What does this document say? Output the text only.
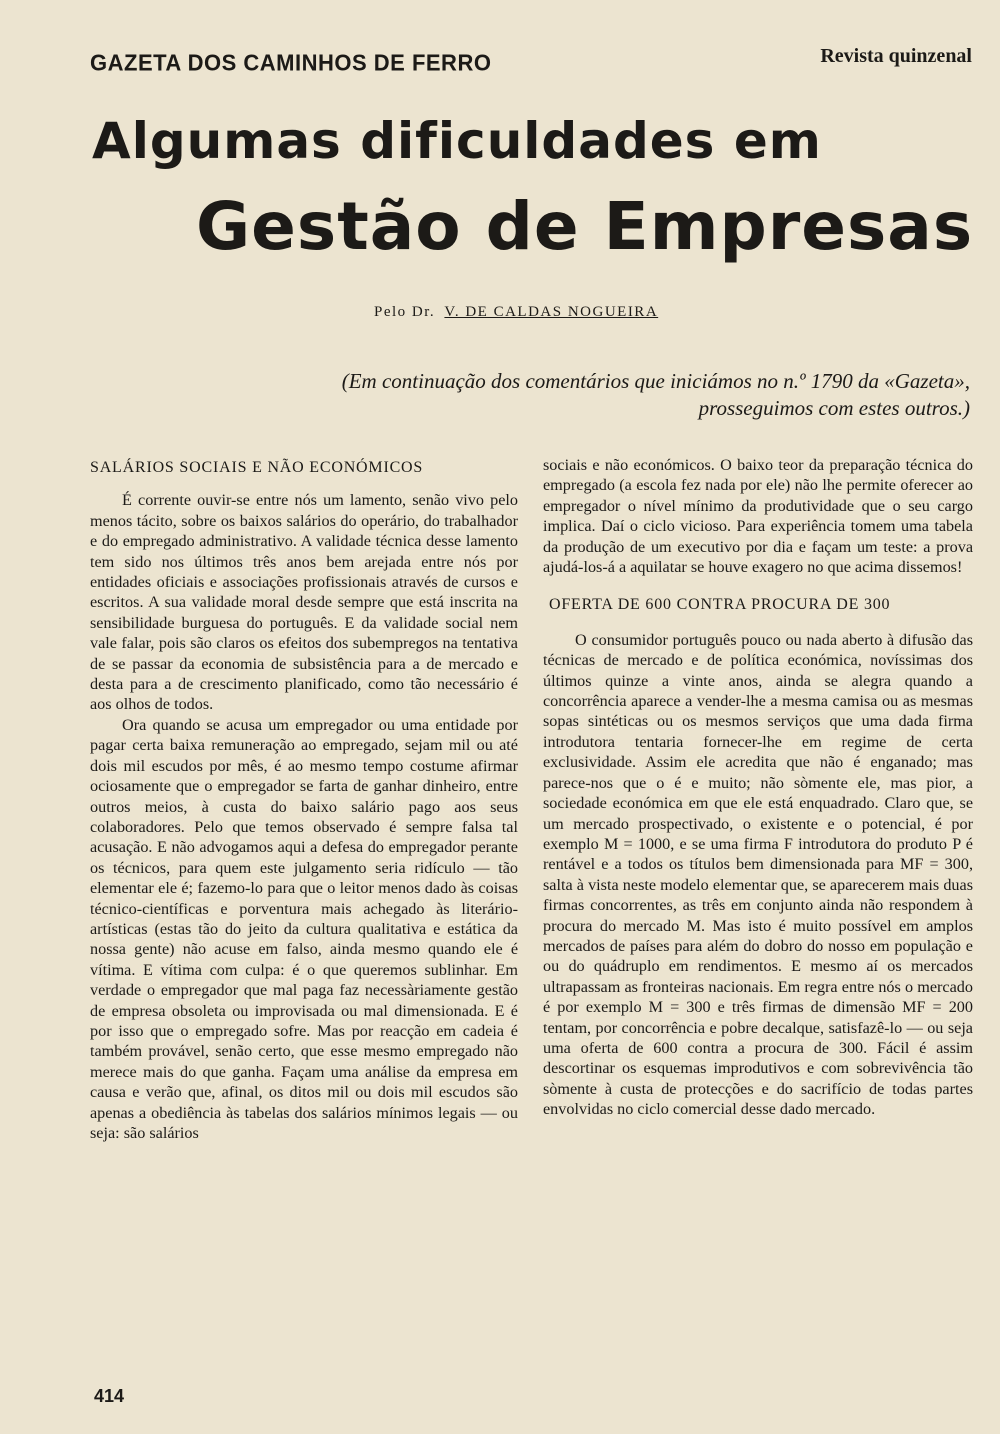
GAZETA DOS CAMINHOS DE FERRO	Revista quinzenal
Algumas dificuldades em
Gestão de Empresas
Pelo Dr. V. DE CALDAS NOGUEIRA
(Em continuação dos comentários que iniciámos no n.º 1790 da «Gazeta», prosseguimos com estes outros.)
SALÁRIOS SOCIAIS E NÃO ECONÓMICOS

É corrente ouvir-se entre nós um lamento, senão vivo pelo menos tácito, sobre os baixos salários do operário, do trabalhador e do empregado administrativo. A validade técnica desse lamento tem sido nos últimos três anos bem arejada entre nós por entidades oficiais e associações profissionais através de cursos e escritos. A sua validade moral desde sempre que está inscrita na sensibilidade burguesa do português. E da validade social nem vale falar, pois são claros os efeitos dos subempregos na tentativa de se passar da economia de subsistência para a de mercado e desta para a de crescimento planificado, como tão necessário é aos olhos de todos.

Ora quando se acusa um empregador ou uma entidade por pagar certa baixa remuneração ao empregado, sejam mil ou até dois mil escudos por mês, é ao mesmo tempo costume afirmar ociosamente que o empregador se farta de ganhar dinheiro, entre outros meios, à custa do baixo salário pago aos seus colaboradores. Pelo que temos observado é sempre falsa tal acusação. E não advogamos aqui a defesa do empregador perante os técnicos, para quem este julgamento seria ridículo — tão elementar ele é; fazemo-lo para que o leitor menos dado às coisas técnico-científicas e porventura mais achegado às literário-artísticas (estas tão do jeito da cultura qualitativa e estática da nossa gente) não acuse em falso, ainda mesmo quando ele é vítima. E vítima com culpa: é o que queremos sublinhar. Em verdade o empregador que mal paga faz necessàriamente gestão de empresa obsoleta ou improvisada ou mal dimensionada. E é por isso que o empregado sofre. Mas por reacção em cadeia é também provável, senão certo, que esse mesmo empregado não merece mais do que ganha. Façam uma análise da empresa em causa e verão que, afinal, os ditos mil ou dois mil escudos são apenas a obediência às tabelas dos salários mínimos legais — ou seja: são salários

sociais e não económicos. O baixo teor da preparação técnica do empregado (a escola fez nada por ele) não lhe permite oferecer ao empregador o nível mínimo da produtividade que o seu cargo implica. Daí o ciclo vicioso. Para experiência tomem uma tabela da produção de um executivo por dia e façam um teste: a prova ajudá-los-á a aquilatar se houve exagero no que acima dissemos!

OFERTA DE 600 CONTRA PROCURA DE 300

O consumidor português pouco ou nada aberto à difusão das técnicas de mercado e de política económica, novíssimas dos últimos quinze a vinte anos, ainda se alegra quando a concorrência aparece a vender-lhe a mesma camisa ou as mesmas sopas sintéticas ou os mesmos serviços que uma dada firma introdutora tentaria fornecer-lhe em regime de certa exclusividade. Assim ele acredita que não é enganado; mas parece-nos que o é e muito; não sòmente ele, mas pior, a sociedade económica em que ele está enquadrado. Claro que, se um mercado prospectivado, o existente e o potencial, é por exemplo M = 1000, e se uma firma F introdutora do produto P é rentável e a todos os títulos bem dimensionada para MF = 300, salta à vista neste modelo elementar que, se aparecerem mais duas firmas concorrentes, as três em conjunto ainda não respondem à procura do mercado M. Mas isto é muito possível em amplos mercados de países para além do dobro do nosso em população e ou do quádruplo em rendimentos. E mesmo aí os mercados ultrapassam as fronteiras nacionais. Em regra entre nós o mercado é por exemplo M = 300 e três firmas de dimensão MF = 200 tentam, por concorrência e pobre decalque, satisfazê-lo — ou seja uma oferta de 600 contra a procura de 300. Fácil é assim descortinar os esquemas improdutivos e com sobrevivência tão sòmente à custa de protecções e do sacrifício de todas partes envolvidas no ciclo comercial desse dado mercado.

414
